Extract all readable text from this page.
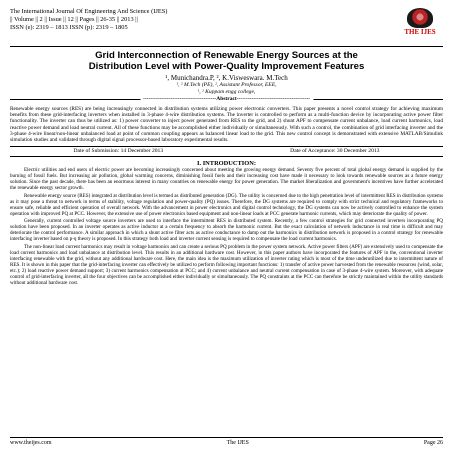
The International Journal Of Engineering And Science (IJES)
|| Volume || 2 || Issue || 12 || Pages || 26-35 || 2013 ||
ISSN (e): 2319 – 1813 ISSN (p): 2319 – 1805
THE IJES
Grid Interconnection of Renewable Energy Sources at the
Distribution Level with Power-Quality Improvement Features
¹, Munichandra.P, ², K.Visweswara. M.Tech
¹, ² M.Tech (PE), ², Assistant Professor, EEE,
¹, ² Kuppam engg college,
----------------------------------------Abstract----------------------------------------
Renewable energy sources (RES) are being increasingly connected in distribution systems utilizing power electronic converters. This paper presents a novel control strategy for achieving maximum benefits from these grid-interfacing inverters when installed in 3-phase 4-wire distribution systems. The inverter is controlled to perform as a multi-function device by incorporating active power filter functionality. The inverter can thus be utilized as: 1) power converter to inject power generated from RES to the grid, and 2) shunt APF to compensate current unbalance, load current harmonics, load reactive power demand and load neutral current. All of these functions may be accomplished either individually or simultaneously. With such a control, the combination of grid interfacing inverter and the 3-phase 4-wire linear/non-linear unbalanced load at point of common coupling appears as balanced linear load to the grid. This new control concept is demonstrated with extensive MATLAB/Simulink simulation studies and validated through digital signal processor-based laboratory experimental results.
Date of Submission: 14 December 2013	Date of Acceptance: 30 December 2013
I. INTRODUCTION:

Electric utilities and end users of electric power are becoming increasingly concerned about meeting the growing energy demand. Seventy five percent of total global energy demand is supplied by the burning of fossil fuels. But increasing air pollution, global warming concerns, diminishing fossil fuels and their increasing cost have made it necessary to look towards renewable sources as a future energy solution. Since the past decade, there has been an enormous interest in many countries on renewable energy for power generation. The market liberalization and government's incentives have further accelerated the renewable energy sector growth.

Renewable energy source (RES) integrated at distribution level is termed as distributed generation (DG). The utility is concerned due to the high penetration level of intermittent RES in distribution systems as it may pose a threat to network in terms of stability, voltage regulation and power-quality (PQ) issues. Therefore, the DG systems are required to comply with strict technical and regulatory frameworks to ensure safe, reliable and efficient operation of overall network. With the advancement in power electronics and digital control technology, the DG systems can now be actively controlled to enhance the system operation with improved PQ at PCC. However, the extensive use of power electronics based equipment and non-linear loads at PCC generate harmonic currents, which may deteriorate the quality of power.

Generally, current controlled voltage source inverters are used to interface the intermittent RES in distributed system. Recently, a few control strategies for grid connected inverters incorporating PQ solution have been proposed. In an inverter operates as active inductor at a certain frequency to absorb the harmonic current. But the exact calculation of network inductance in real time is difficult and may deteriorate the control performance. A similar approach in which a shunt active filter acts as active conductance to damp out the harmonics in distribution network is proposed in a control strategy for renewable interfacing inverter based on p-q theory is proposed. In this strategy both load and inverter current sensing is required to compensate the load current harmonics.

The non-linear load current harmonics may result in voltage harmonics and can create a serious PQ problem in the power system network. Active power filters (APF) are extensively used to compensate the load current harmonics and load unbalance at distribution level. This results in an additional hardware cost. However, in this paper authors have incorporated the features of APF in the, conventional inverter interfacing renewable with the grid, without any additional hardware cost. Here, the main idea is the maximum utilization of inverter rating which is most of the time underutilized due to intermittent nature of RES. It is shown in this paper that the grid-interfacing inverter can effectively be utilized to perform following important functions: 1) transfer of active power harvested from the renewable resources (wind, solar, etc.); 2) load reactive power demand support; 3) current harmonics compensation at PCC; and 4) current unbalance and neutral current compensation in case of 3-phase 4-wire system. Moreover, with adequate control of grid-interfacing inverter, all the four objectives can be accomplished either individually or simultaneously. The PQ constraints at the PCC can therefore be strictly maintained within the utility standards without additional hardware cost.

www.theijes.com	The IJES	Page 26
